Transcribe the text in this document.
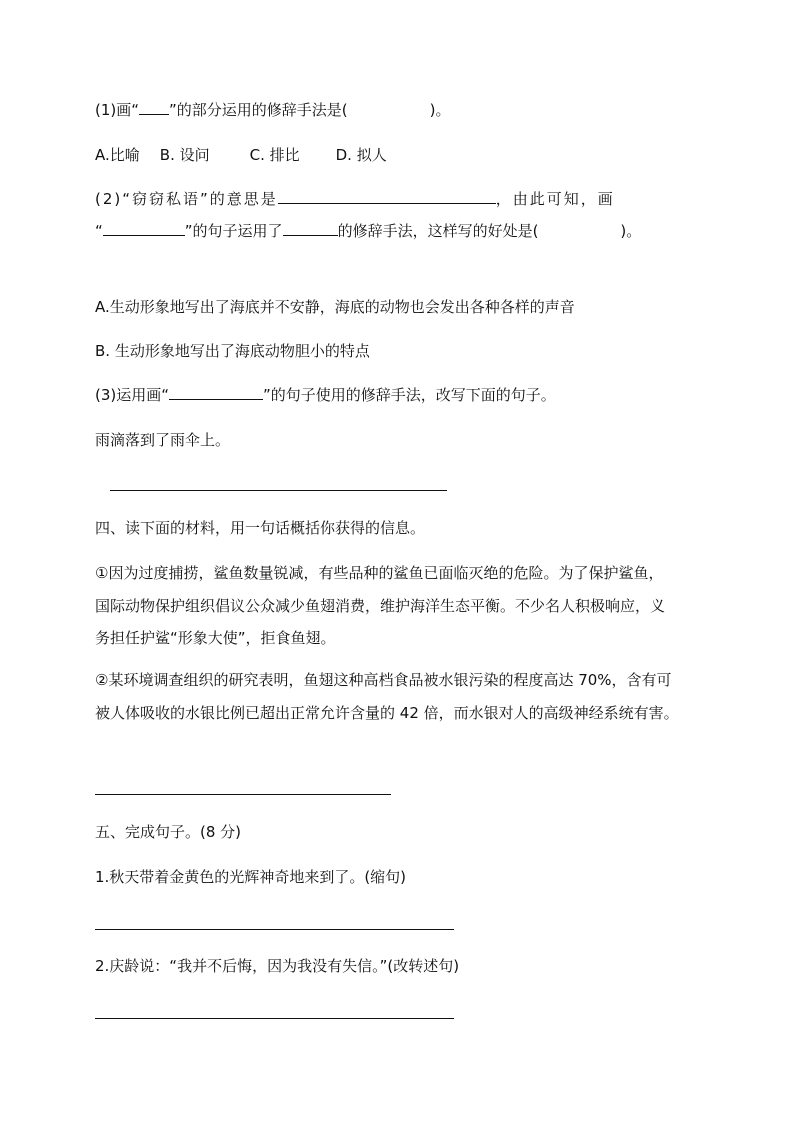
(1)画“ ”的部分运用的修辞手法是(	)。
A.比喻 B. 设问	C. 排比 D. 拟人
(2)“窃窃私语”的意思是	，由此可知，画
“	”的句子运用了	的修辞手法，这样写的好处是(	)。
A.生动形象地写出了海底并不安静，海底的动物也会发出各种各样的声音
B. 生动形象地写出了海底动物胆小的特点
(3)运用画“	”的句子使用的修辞手法，改写下面的句子。
雨滴落到了雨伞上。
四、读下面的材料，用一句话概括你获得的信息。
①因为过度捕捞，鲨鱼数量锐减，有些品种的鲨鱼已面临灭绝的危险。为了保护鲨鱼，
国际动物保护组织倡议公众减少鱼翅消费，维护海洋生态平衡。不少名人积极响应，义
务担任护鲨“形象大使”，拒食鱼翅。
②某环境调查组织的研究表明，鱼翅这种高档食品被水银污染的程度高达 70%，含有可
被人体吸收的水银比例已超出正常允许含量的 42 倍，而水银对人的高级神经系统有害。
五、完成句子。(8 分)
1.秋天带着金黄色的光辉神奇地来到了。(缩句)
2.庆龄说：“我并不后悔，因为我没有失信。”(改转述句)
